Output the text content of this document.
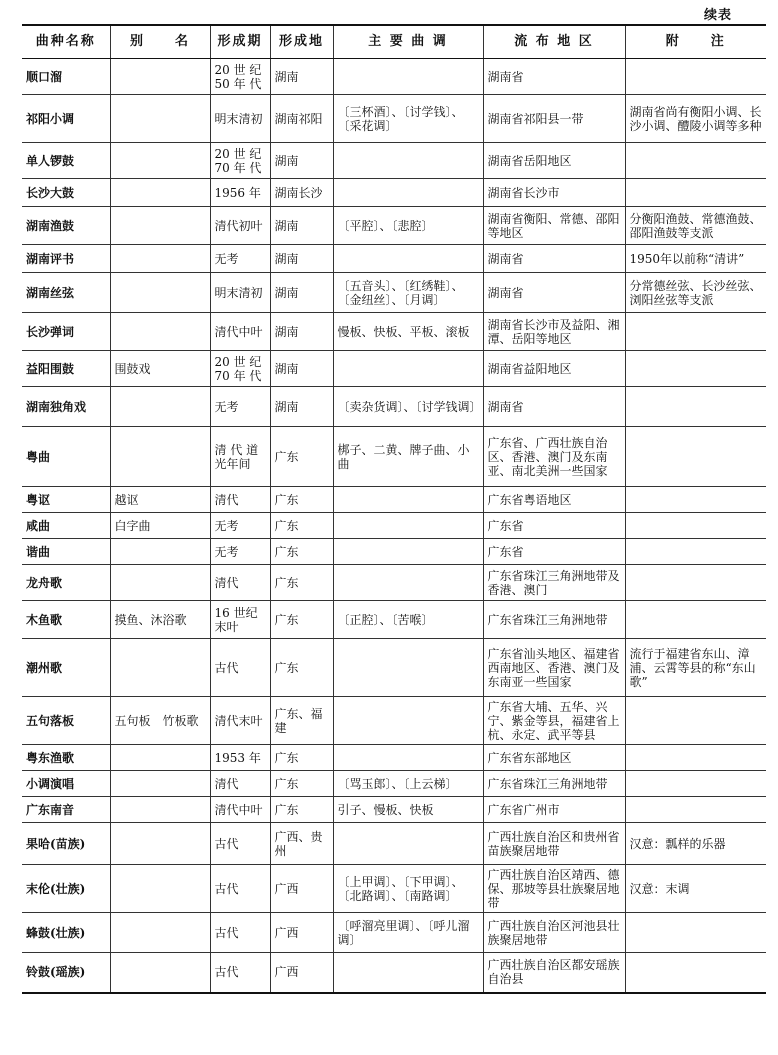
续表
曲种名称	别　　名	形成期	形成地	主 要 曲 调	流 布 地 区	附　　注
顺口溜		20 世 纪 50 年 代	湖南		湖南省	
祁阳小调		明末清初	湖南祁阳	〔三杯酒〕、〔讨学钱〕、〔采花调〕	湖南省祁阳县一带	湖南省尚有衡阳小调、长沙小调、醴陵小调等多种
单人锣鼓		20 世 纪 70 年 代	湖南		湖南省岳阳地区	
长沙大鼓		1956 年	湖南长沙		湖南省长沙市	
湖南渔鼓		清代初叶	湖南	〔平腔〕、〔悲腔〕	湖南省衡阳、常德、邵阳等地区	分衡阳渔鼓、常德渔鼓、邵阳渔鼓等支派
湖南评书		无考	湖南		湖南省	1950年以前称“清讲”
湖南丝弦		明末清初	湖南	〔五音头〕、〔红绣鞋〕、〔金纽丝〕、〔月调〕	湖南省	分常德丝弦、长沙丝弦、浏阳丝弦等支派
长沙弹词		清代中叶	湖南	慢板、快板、平板、滚板	湖南省长沙市及益阳、湘潭、岳阳等地区	
益阳围鼓	围鼓戏	20 世 纪 70 年 代	湖南		湖南省益阳地区	
湖南独角戏		无考	湖南	〔卖杂货调〕、〔讨学钱调〕	湖南省	
粤曲		清 代 道光年间	广东	梆子、二黄、牌子曲、小曲	广东省、广西壮族自治区、香港、澳门及东南亚、南北美洲一些国家	
粤讴	越讴	清代	广东		广东省粤语地区	
咸曲	白字曲	无考	广东		广东省	
谐曲		无考	广东		广东省	
龙舟歌		清代	广东		广东省珠江三角洲地带及香港、澳门	
木鱼歌	摸鱼、沐浴歌	16 世纪末叶	广东	〔正腔〕、〔苦喉〕	广东省珠江三角洲地带	
潮州歌		古代	广东		广东省汕头地区、福建省西南地区、香港、澳门及东南亚一些国家	流行于福建省东山、漳浦、云霄等县的称“东山歌”
五句落板	五句板　竹板歌	清代末叶	广东、福建		广东省大埔、五华、兴宁、紫金等县，福建省上杭、永定、武平等县	
粤东渔歌		1953 年	广东		广东省东部地区	
小调演唱		清代	广东	〔骂玉郎〕、〔上云梯〕	广东省珠江三角洲地带	
广东南音		清代中叶	广东	引子、慢板、快板	广东省广州市	
果哈(苗族)		古代	广西、贵州		广西壮族自治区和贵州省苗族聚居地带	汉意：瓢样的乐器
末伦(壮族)		古代	广西	〔上甲调〕、〔下甲调〕、〔北路调〕、〔南路调〕	广西壮族自治区靖西、德保、那坡等县壮族聚居地带	汉意：末调
蜂鼓(壮族)		古代	广西	〔呼溜亮里调〕、〔呼儿溜调〕	广西壮族自治区河池县壮族聚居地带	
铃鼓(瑶族)		古代	广西		广西壮族自治区都安瑶族自治县	
